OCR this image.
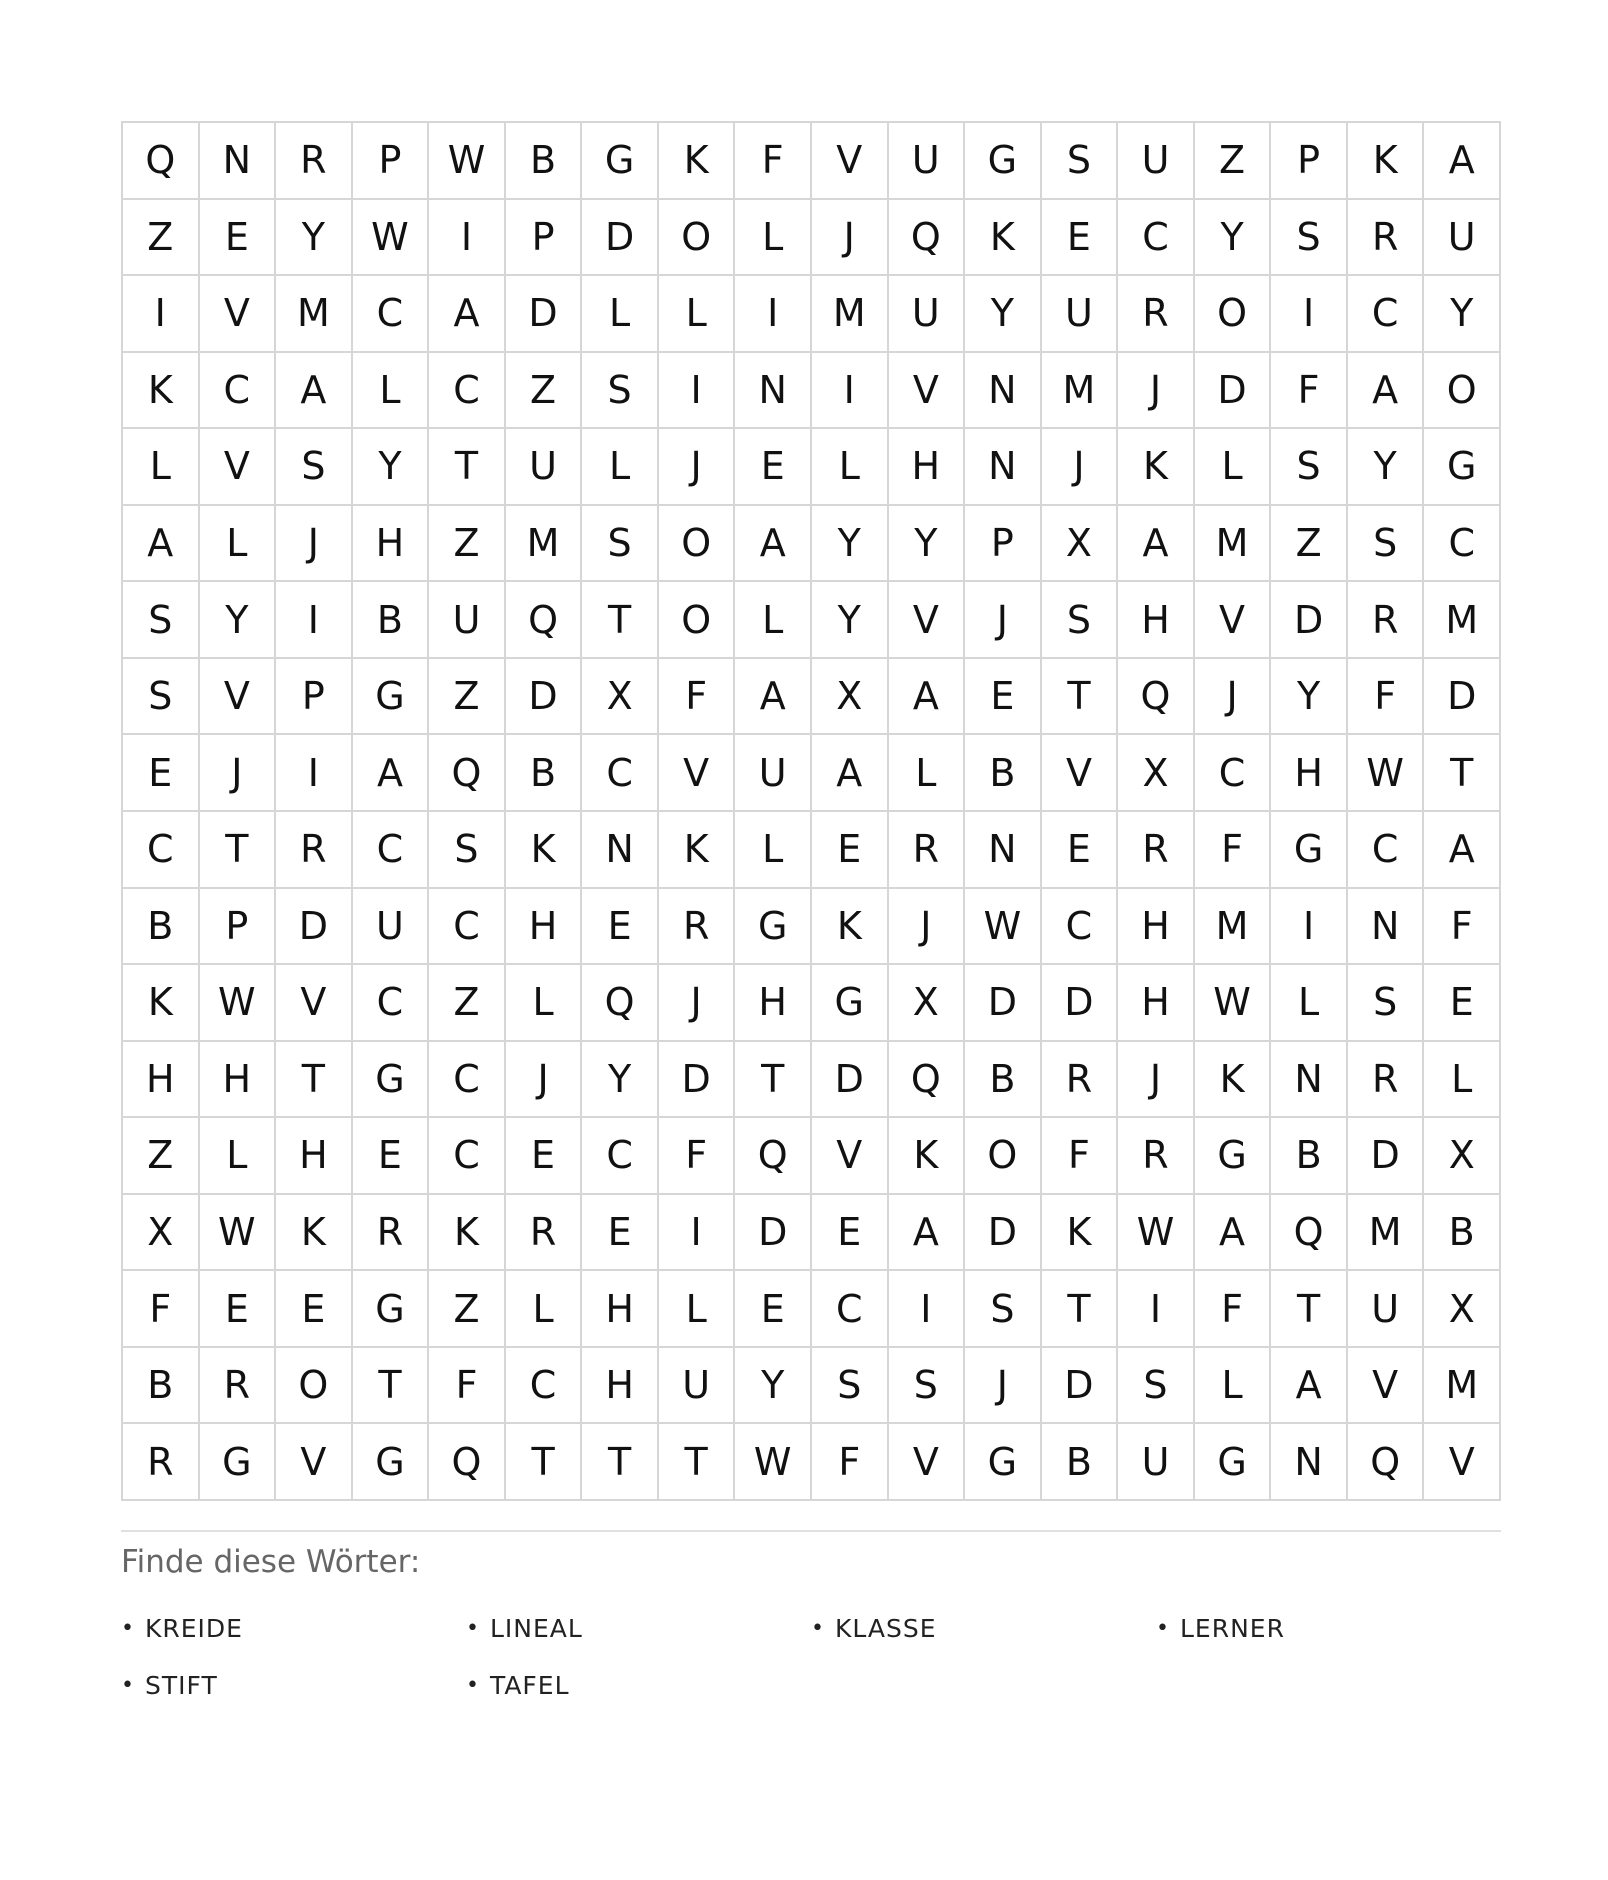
Q	N	R	P	W	B	G	K	F	V	U	G	S	U	Z	P	K	A
Z	E	Y	W	I	P	D	O	L	J	Q	K	E	C	Y	S	R	U
I	V	M	C	A	D	L	L	I	M	U	Y	U	R	O	I	C	Y
K	C	A	L	C	Z	S	I	N	I	V	N	M	J	D	F	A	O
L	V	S	Y	T	U	L	J	E	L	H	N	J	K	L	S	Y	G
A	L	J	H	Z	M	S	O	A	Y	Y	P	X	A	M	Z	S	C
S	Y	I	B	U	Q	T	O	L	Y	V	J	S	H	V	D	R	M
S	V	P	G	Z	D	X	F	A	X	A	E	T	Q	J	Y	F	D
E	J	I	A	Q	B	C	V	U	A	L	B	V	X	C	H	W	T
C	T	R	C	S	K	N	K	L	E	R	N	E	R	F	G	C	A
B	P	D	U	C	H	E	R	G	K	J	W	C	H	M	I	N	F
K	W	V	C	Z	L	Q	J	H	G	X	D	D	H	W	L	S	E
H	H	T	G	C	J	Y	D	T	D	Q	B	R	J	K	N	R	L
Z	L	H	E	C	E	C	F	Q	V	K	O	F	R	G	B	D	X
X	W	K	R	K	R	E	I	D	E	A	D	K	W	A	Q	M	B
F	E	E	G	Z	L	H	L	E	C	I	S	T	I	F	T	U	X
B	R	O	T	F	C	H	U	Y	S	S	J	D	S	L	A	V	M
R	G	V	G	Q	T	T	T	W	F	V	G	B	U	G	N	Q	V
Finde diese Wörter:
• KREIDE	• LINEAL	• KLASSE	• LERNER
• STIFT	• TAFEL
